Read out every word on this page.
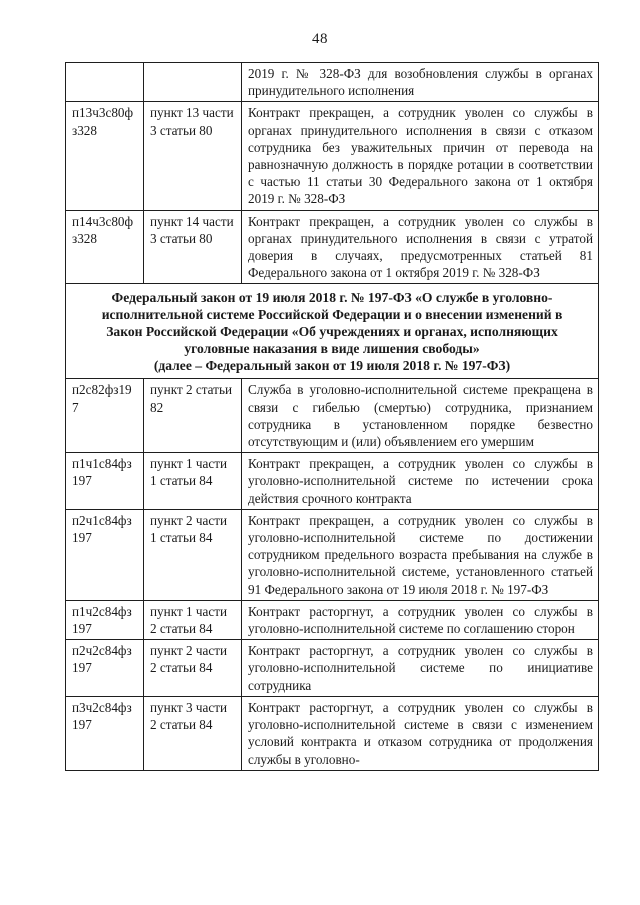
48
		2019 г. № 328-ФЗ для возобновления службы в органах принудительного исполнения
п13ч3с80ф з328	пункт 13 части 3 статьи 80	Контракт прекращен, а сотрудник уволен со службы в органах принудительного исполнения в связи с отказом сотрудника без уважительных причин от перевода на равнозначную должность в порядке ротации в соответствии с частью 11 статьи 30 Федерального закона от 1 октября 2019 г. № 328-ФЗ
п14ч3с80ф з328	пункт 14 части 3 статьи 80	Контракт прекращен, а сотрудник уволен со службы в органах принудительного исполнения в связи с утратой доверия в случаях, предусмотренных статьей 81 Федерального закона от 1 октября 2019 г. № 328-ФЗ

Федеральный закон от 19 июля 2018 г. № 197-ФЗ «О службе в уголовно-
исполнительной системе Российской Федерации и о внесении изменений в
Закон Российской Федерации «Об учреждениях и органах, исполняющих
уголовные наказания в виде лишения свободы»
(далее – Федеральный закон от 19 июля 2018 г. № 197-ФЗ)		

п2с82фз19 7	пункт 2 статьи 82	Служба в уголовно-исполнительной системе прекращена в связи с гибелью (смертью) сотрудника, признанием сотрудника в установленном порядке безвестно отсутствующим и (или) объявлением его умершим
п1ч1с84фз 197	пункт 1 части 1 статьи 84	Контракт прекращен, а сотрудник уволен со службы в уголовно-исполнительной системе по истечении срока действия срочного контракта
п2ч1с84фз 197	пункт 2 части 1 статьи 84	Контракт прекращен, а сотрудник уволен со службы в уголовно-исполнительной системе по достижении сотрудником предельного возраста пребывания на службе в уголовно-исполнительной системе, установленного статьей 91 Федерального закона от 19 июля 2018 г. № 197-ФЗ
п1ч2с84фз 197	пункт 1 части 2 статьи 84	Контракт расторгнут, а сотрудник уволен со службы в уголовно-исполнительной системе по соглашению сторон
п2ч2с84фз 197	пункт 2 части 2 статьи 84	Контракт расторгнут, а сотрудник уволен со службы в уголовно-исполнительной системе по инициативе сотрудника
п3ч2с84фз 197	пункт 3 части 2 статьи 84	Контракт расторгнут, а сотрудник уволен со службы в уголовно-исполнительной системе в связи с изменением условий контракта и отказом сотрудника от продолжения службы в уголовно-
